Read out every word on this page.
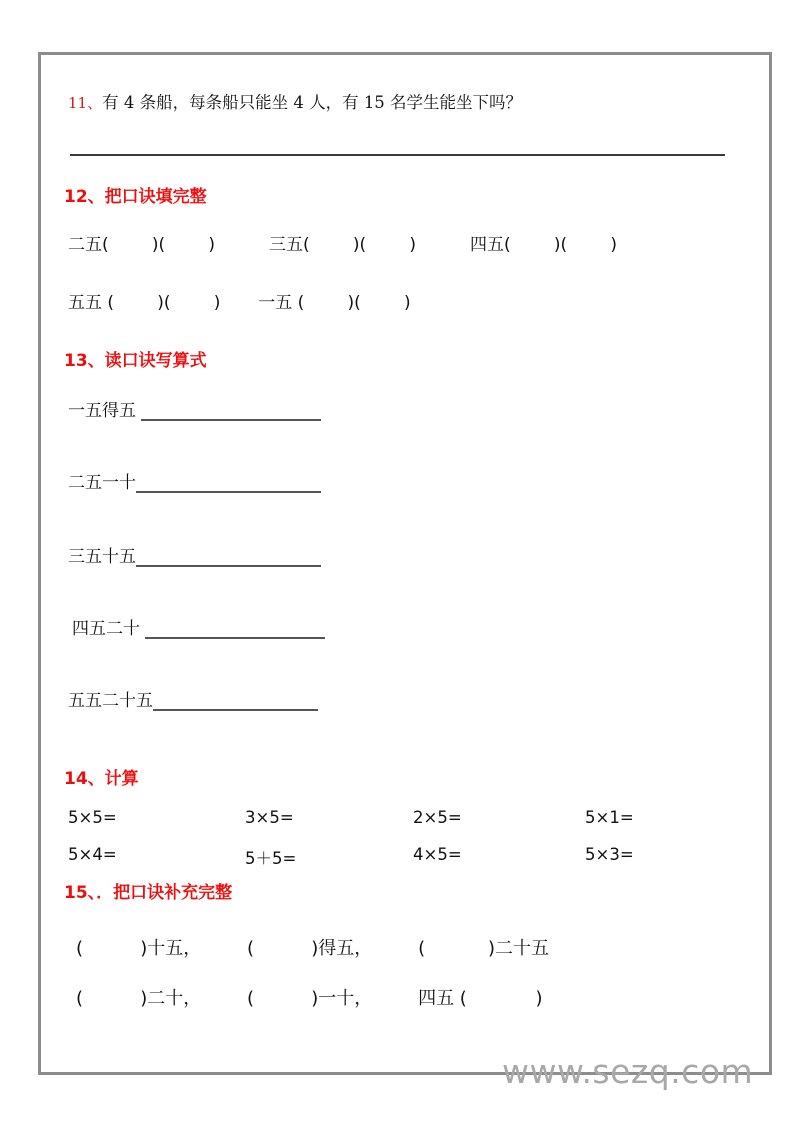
11、有 4 条船，每条船只能坐 4 人，有 15 名学生能坐下吗？
12、把口诀填完整
二五(        )(        )          三五(        )(        )          四五(        )(        )
五五 (        )(        )       一五 (        )(        )
13、读口诀写算式
一五得五
二五一十
三五十五
四五二十
五五二十五
14、计算
5×5=	3×5=	2×5=	5×1=
5×4=	5＋5=	4×5=	5×3=
15、．把口诀补充完整
(          )十五，        (          )得五，        (           )二十五
(          )二十，        (          )一十，        四五 (            )
www.sezq.com
